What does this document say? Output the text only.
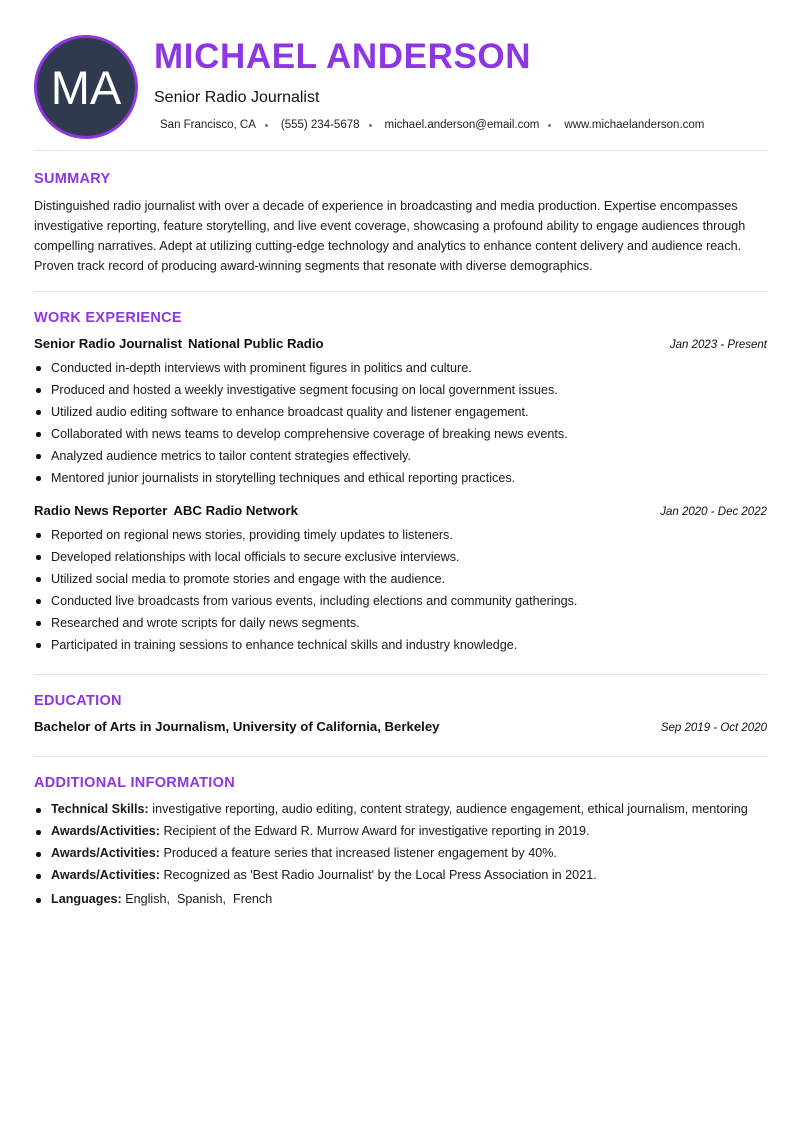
MA
MICHAEL ANDERSON

Senior Radio Journalist

San Francisco, CA (555) 234-5678 michael.anderson@email.com www.michaelanderson.com
SUMMARY

Distinguished radio journalist with over a decade of experience in broadcasting and media production. Expertise encompasses investigative reporting, feature storytelling, and live event coverage, showcasing a profound ability to engage audiences through compelling narratives. Adept at utilizing cutting-edge technology and analytics to enhance content delivery and audience reach. Proven track record of producing award-winning segments that resonate with diverse demographics.

WORK EXPERIENCE
Senior Radio Journalist National Public Radio	Jan 2023 - Present
Conducted in-depth interviews with prominent figures in politics and culture.
Produced and hosted a weekly investigative segment focusing on local government issues.
Utilized audio editing software to enhance broadcast quality and listener engagement.
Collaborated with news teams to develop comprehensive coverage of breaking news events.
Analyzed audience metrics to tailor content strategies effectively.
Mentored junior journalists in storytelling techniques and ethical reporting practices.
Radio News Reporter ABC Radio Network	Jan 2020 - Dec 2022
Reported on regional news stories, providing timely updates to listeners.
Developed relationships with local officials to secure exclusive interviews.
Utilized social media to promote stories and engage with the audience.
Conducted live broadcasts from various events, including elections and community gatherings.
Researched and wrote scripts for daily news segments.
Participated in training sessions to enhance technical skills and industry knowledge.
EDUCATION
Bachelor of Arts in Journalism, University of California, Berkeley	Sep 2019 - Oct 2020
ADDITIONAL INFORMATION
Technical Skills: investigative reporting, audio editing, content strategy, audience engagement, ethical journalism, mentoring
Awards/Activities: Recipient of the Edward R. Murrow Award for investigative reporting in 2019.
Awards/Activities: Produced a feature series that increased listener engagement by 40%.
Awards/Activities: Recognized as 'Best Radio Journalist' by the Local Press Association in 2021.
Languages: English,  Spanish,  French
